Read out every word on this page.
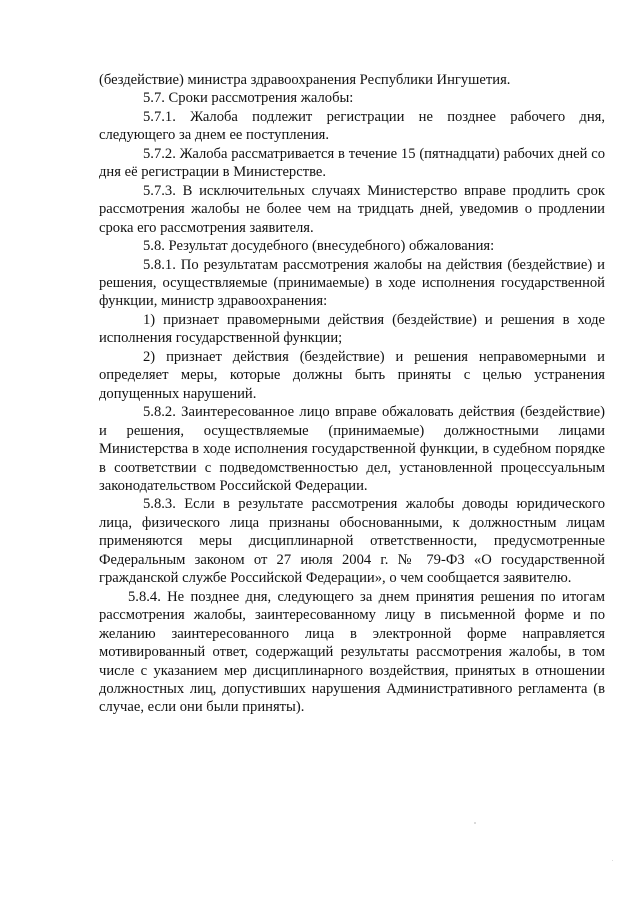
(бездействие) министра здравоохранения Республики Ингушетия.

5.7. Сроки рассмотрения жалобы:

5.7.1. Жалоба подлежит регистрации не позднее рабочего дня, следующего за днем ее поступления.

5.7.2. Жалоба рассматривается в течение 15 (пятнадцати) рабочих дней со дня её регистрации в Министерстве.

5.7.3. В исключительных случаях Министерство вправе продлить срок рассмотрения жалобы не более чем на тридцать дней, уведомив о продлении срока его рассмотрения заявителя.

5.8. Результат досудебного (внесудебного) обжалования:

5.8.1. По результатам рассмотрения жалобы на действия (бездействие) и решения, осуществляемые (принимаемые) в ходе исполнения государственной функции, министр здравоохранения:

1) признает правомерными действия (бездействие) и решения в ходе исполнения государственной функции;

2) признает действия (бездействие) и решения неправомерными и определяет меры, которые должны быть приняты с целью устранения допущенных нарушений.

5.8.2. Заинтересованное лицо вправе обжаловать действия (бездействие) и решения, осуществляемые (принимаемые) должностными лицами Министерства в ходе исполнения государственной функции, в судебном порядке в соответствии с подведомственностью дел, установленной процессуальным законодательством Российской Федерации.

5.8.3. Если в результате рассмотрения жалобы доводы юридического лица, физического лица признаны обоснованными, к должностным лицам применяются меры дисциплинарной ответственности, предусмотренные Федеральным законом от 27 июля 2004 г. № 79-ФЗ «О государственной гражданской службе Российской Федерации», о чем сообщается заявителю.

5.8.4. Не позднее дня, следующего за днем принятия решения по итогам рассмотрения жалобы, заинтересованному лицу в письменной форме и по желанию заинтересованного лица в электронной форме направляется мотивированный ответ, содержащий результаты рассмотрения жалобы, в том числе с указанием мер дисциплинарного воздействия, принятых в отношении должностных лиц, допустивших нарушения Административного регламента (в случае, если они были приняты).
